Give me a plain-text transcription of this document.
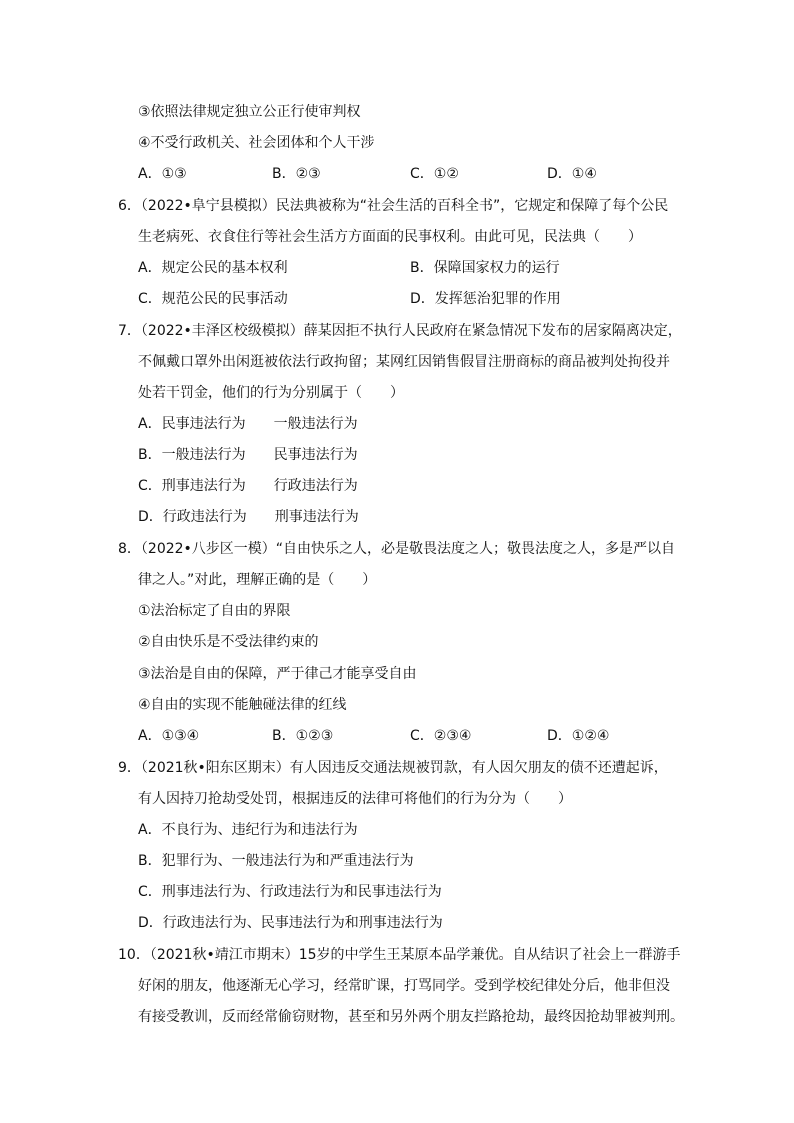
③依照法律规定独立公正行使审判权
④不受行政机关、社会团体和个人干涉
A．①③	B．②③	C．①②	D．①④
6．（2022•阜宁县模拟）民法典被称为“社会生活的百科全书”，它规定和保障了每个公民
生老病死、衣食住行等社会生活方方面面的民事权利。由此可见，民法典（　　）
A．规定公民的基本权利	B．保障国家权力的运行
C．规范公民的民事活动	D．发挥惩治犯罪的作用
7．（2022•丰泽区校级模拟）薛某因拒不执行人民政府在紧急情况下发布的居家隔离决定，
不佩戴口罩外出闲逛被依法行政拘留；某网红因销售假冒注册商标的商品被判处拘役并
处若干罚金，他们的行为分别属于（　　）
A．民事违法行为　　一般违法行为
B．一般违法行为　　民事违法行为
C．刑事违法行为　　行政违法行为
D．行政违法行为　　刑事违法行为
8．（2022•八步区一模）“自由快乐之人，必是敬畏法度之人；敬畏法度之人，多是严以自
律之人。”对此，理解正确的是（　　）
①法治标定了自由的界限
②自由快乐是不受法律约束的
③法治是自由的保障，严于律己才能享受自由
④自由的实现不能触碰法律的红线
A．①③④	B．①②③	C．②③④	D．①②④
9．（2021秋•阳东区期末）有人因违反交通法规被罚款，有人因欠朋友的债不还遭起诉，
有人因持刀抢劫受处罚，根据违反的法律可将他们的行为分为（　　）
A．不良行为、违纪行为和违法行为
B．犯罪行为、一般违法行为和严重违法行为
C．刑事违法行为、行政违法行为和民事违法行为
D．行政违法行为、民事违法行为和刑事违法行为
10．（2021秋•靖江市期末）15岁的中学生王某原本品学兼优。自从结识了社会上一群游手
好闲的朋友，他逐渐无心学习，经常旷课，打骂同学。受到学校纪律处分后，他非但没
有接受教训，反而经常偷窃财物，甚至和另外两个朋友拦路抢劫，最终因抢劫罪被判刑。
